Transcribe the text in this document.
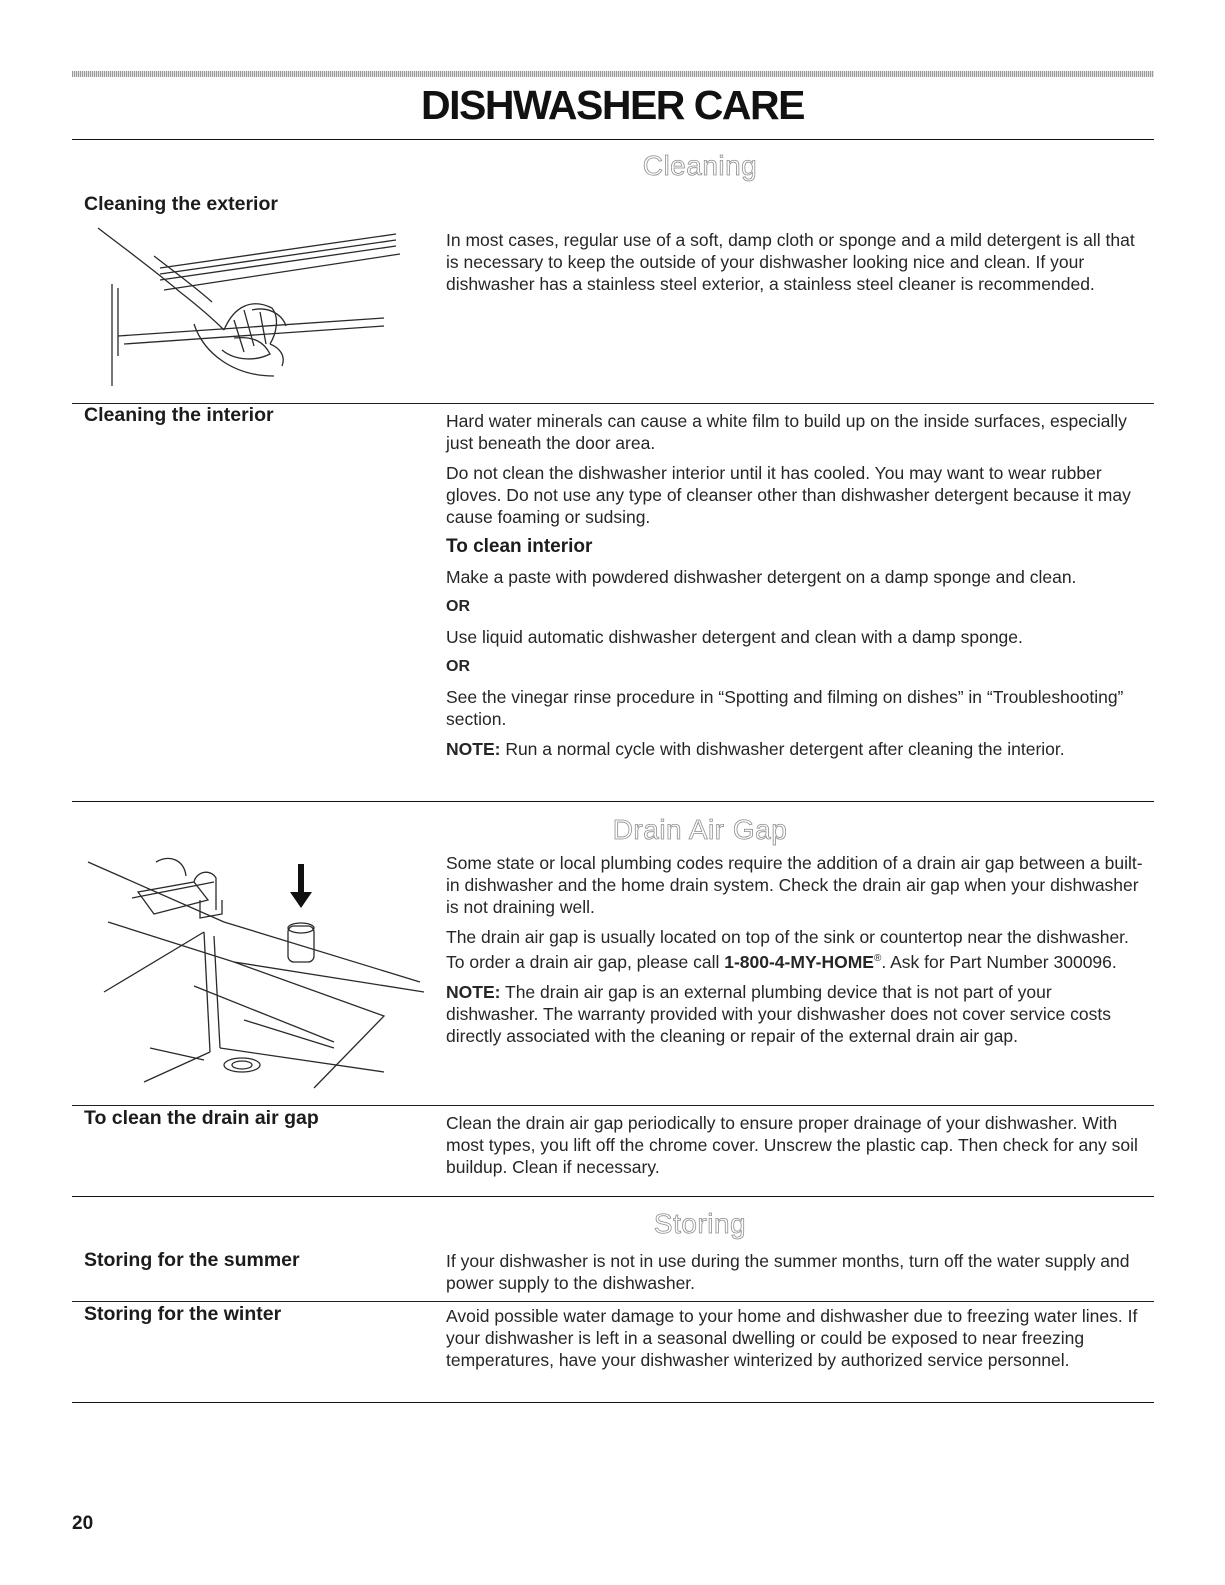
DISHWASHER CARE
Cleaning
Cleaning the exterior

In most cases, regular use of a soft, damp cloth or sponge and a mild detergent is all that is necessary to keep the outside of your dishwasher looking nice and clean. If your dishwasher has a stainless steel exterior, a stainless steel cleaner is recommended.

Cleaning the interior	Hard water minerals can cause a white film to build up on the inside surfaces, especially just beneath the door area.

Do not clean the dishwasher interior until it has cooled. You may want to wear rubber gloves. Do not use any type of cleanser other than dishwasher detergent because it may cause foaming or sudsing.

To clean interior

Make a paste with powdered dishwasher detergent on a damp sponge and clean.

OR

Use liquid automatic dishwasher detergent and clean with a damp sponge.

OR

See the vinegar rinse procedure in “Spotting and filming on dishes” in “Troubleshooting” section.

NOTE: Run a normal cycle with dishwasher detergent after cleaning the interior.

Drain Air Gap

Some state or local plumbing codes require the addition of a drain air gap between a built-in dishwasher and the home drain system. Check the drain air gap when your dishwasher is not draining well.

The drain air gap is usually located on top of the sink or countertop near the dishwasher. To order a drain air gap, please call 1-800-4-MY-HOME®. Ask for Part Number 300096.

NOTE: The drain air gap is an external plumbing device that is not part of your dishwasher. The warranty provided with your dishwasher does not cover service costs directly associated with the cleaning or repair of the external drain air gap.

To clean the drain air gap	Clean the drain air gap periodically to ensure proper drainage of your dishwasher. With most types, you lift off the chrome cover. Unscrew the plastic cap. Then check for any soil buildup. Clean if necessary.

Storing
Storing for the summer	If your dishwasher is not in use during the summer months, turn off the water supply and power supply to the dishwasher.

Storing for the winter	Avoid possible water damage to your home and dishwasher due to freezing water lines. If your dishwasher is left in a seasonal dwelling or could be exposed to near freezing temperatures, have your dishwasher winterized by authorized service personnel.

20
